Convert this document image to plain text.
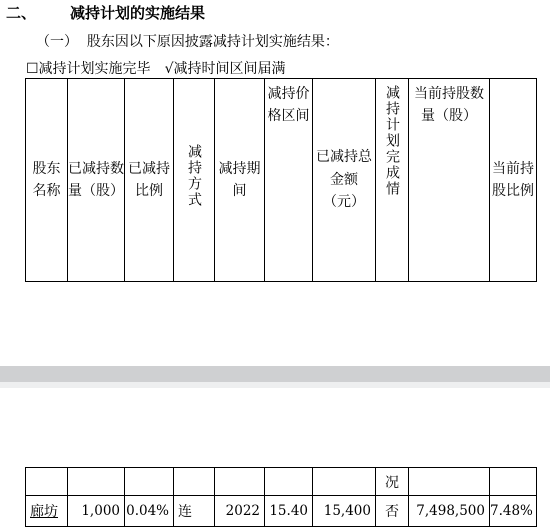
二、 减持计划的实施结果
（一）  股东因以下原因披露减持计划实施结果：
☐减持计划实施完毕 √减持时间区间届满
股东名称	已减持数量（股）	已减持比例	减持方式	减持期间	减持价格区间	已减持总金额（元）	减持计划完成情	当前持股数量（股）	当前持股比例
							况		
廊坊	1,000	0.04%	连	2022	15.40	15,400	否	7,498,500	7.48%
